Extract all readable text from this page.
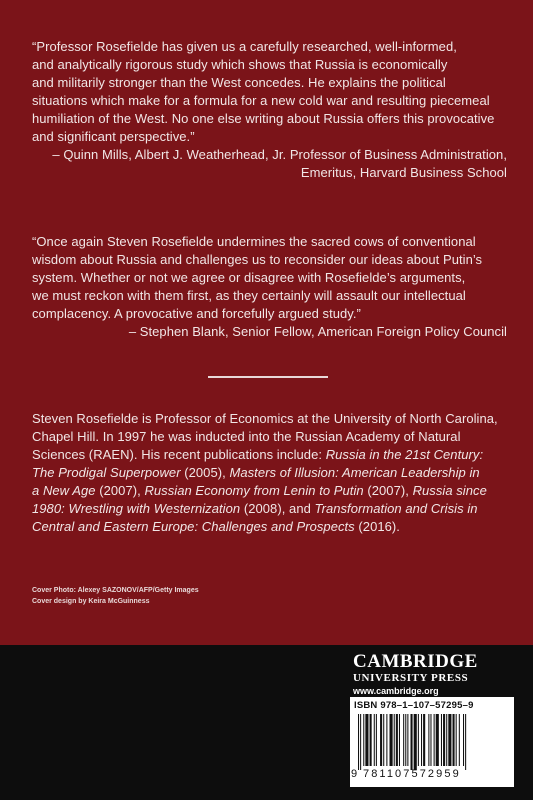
“Professor Rosefielde has given us a carefully researched, well-informed,
and analytically rigorous study which shows that Russia is economically
and militarily stronger than the West concedes. He explains the political
situations which make for a formula for a new cold war and resulting piecemeal
humiliation of the West. No one else writing about Russia offers this provocative
and significant perspective.”
– Quinn Mills, Albert J. Weatherhead, Jr. Professor of Business Administration,
Emeritus, Harvard Business School
“Once again Steven Rosefielde undermines the sacred cows of conventional
wisdom about Russia and challenges us to reconsider our ideas about Putin’s
system. Whether or not we agree or disagree with Rosefielde’s arguments,
we must reckon with them first, as they certainly will assault our intellectual
complacency. A provocative and forcefully argued study.”
– Stephen Blank, Senior Fellow, American Foreign Policy Council
Steven Rosefielde is Professor of Economics at the University of North Carolina,
Chapel Hill. In 1997 he was inducted into the Russian Academy of Natural
Sciences (RAEN). His recent publications include: Russia in the 21st Century:
The Prodigal Superpower (2005), Masters of Illusion: American Leadership in
a New Age (2007), Russian Economy from Lenin to Putin (2007), Russia since
1980: Wrestling with Westernization (2008), and Transformation and Crisis in
Central and Eastern Europe: Challenges and Prospects (2016).
Cover Photo: Alexey SAZONOV/AFP/Getty Images
Cover design by Keira McGuinness
CAMBRIDGE
UNIVERSITY PRESS
www.cambridge.org
ISBN 978–1–107–57295–9
9 781107572959
